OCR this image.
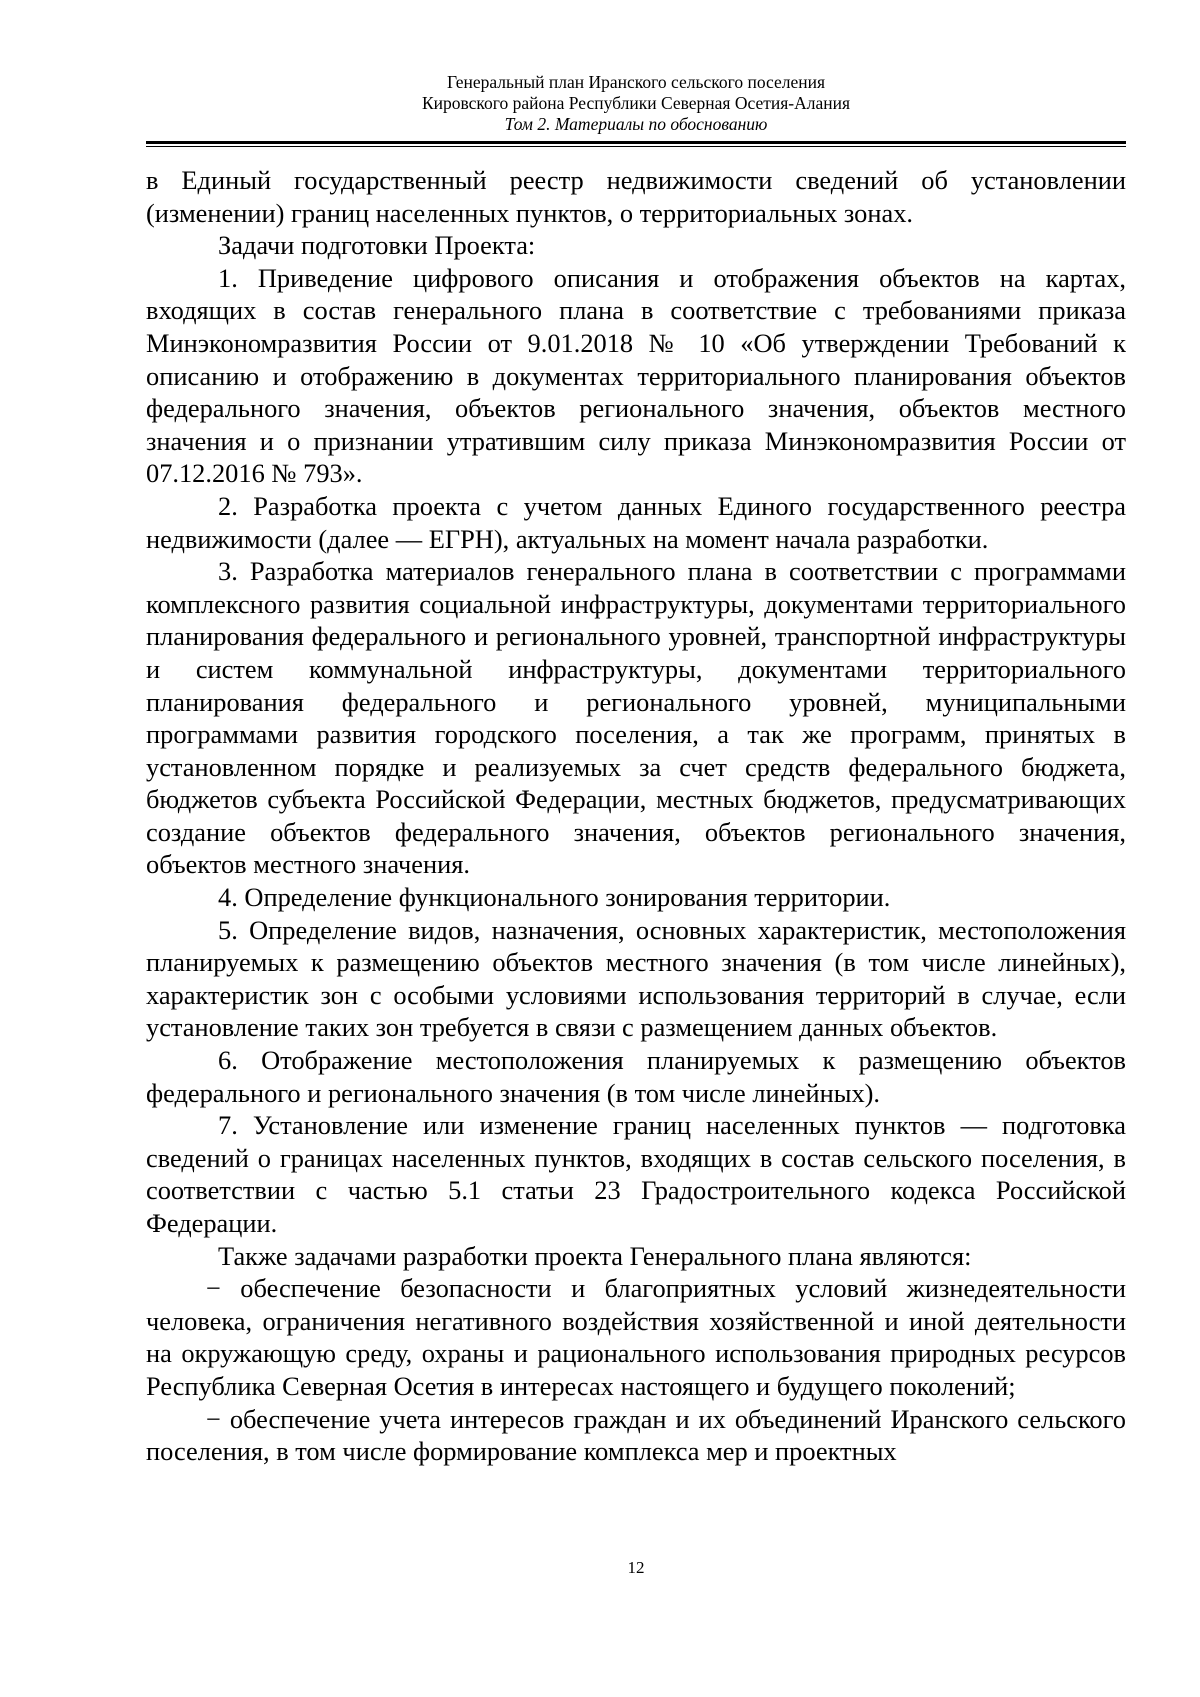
Генеральный план Иранского сельского поселения
Кировского района Республики Северная Осетия-Алания
Том 2. Материалы по обоснованию

в Единый государственный реестр недвижимости сведений об установлении (изменении) границ населенных пунктов, о территориальных зонах.

Задачи подготовки Проекта:

1. Приведение цифрового описания и отображения объектов на картах, входящих в состав генерального плана в соответствие с требованиями приказа Минэкономразвития России от 9.01.2018 № 10 «Об утверждении Требований к описанию и отображению в документах территориального планирования объектов федерального значения, объектов регионального значения, объектов местного значения и о признании утратившим силу приказа Минэкономразвития России от 07.12.2016 № 793».

2. Разработка проекта с учетом данных Единого государственного реестра недвижимости (далее — ЕГРН), актуальных на момент начала разработки.

3. Разработка материалов генерального плана в соответствии с программами комплексного развития социальной инфраструктуры, документами территориального планирования федерального и регионального уровней, транспортной инфраструктуры и систем коммунальной инфраструктуры, документами территориального планирования федерального и регионального уровней, муниципальными программами развития городского поселения, а так же программ, принятых в установленном порядке и реализуемых за счет средств федерального бюджета, бюджетов субъекта Российской Федерации, местных бюджетов, предусматривающих создание объектов федерального значения, объектов регионального значения, объектов местного значения.

4. Определение функционального зонирования территории.

5. Определение видов, назначения, основных характеристик, местоположения планируемых к размещению объектов местного значения (в том числе линейных), характеристик зон с особыми условиями использования территорий в случае, если установление таких зон требуется в связи с размещением данных объектов.

6. Отображение местоположения планируемых к размещению объектов федерального и регионального значения (в том числе линейных).

7. Установление или изменение границ населенных пунктов — подготовка сведений о границах населенных пунктов, входящих в состав сельского поселения, в соответствии с частью 5.1 статьи 23 Градостроительного кодекса Российской Федерации.

Также задачами разработки проекта Генерального плана являются:

− обеспечение безопасности и благоприятных условий жизнедеятельности человека, ограничения негативного воздействия хозяйственной и иной деятельности на окружающую среду, охраны и рационального использования природных ресурсов Республика Северная Осетия в интересах настоящего и будущего поколений;

− обеспечение учета интересов граждан и их объединений Иранского сельского поселения, в том числе формирование комплекса мер и проектных

12
